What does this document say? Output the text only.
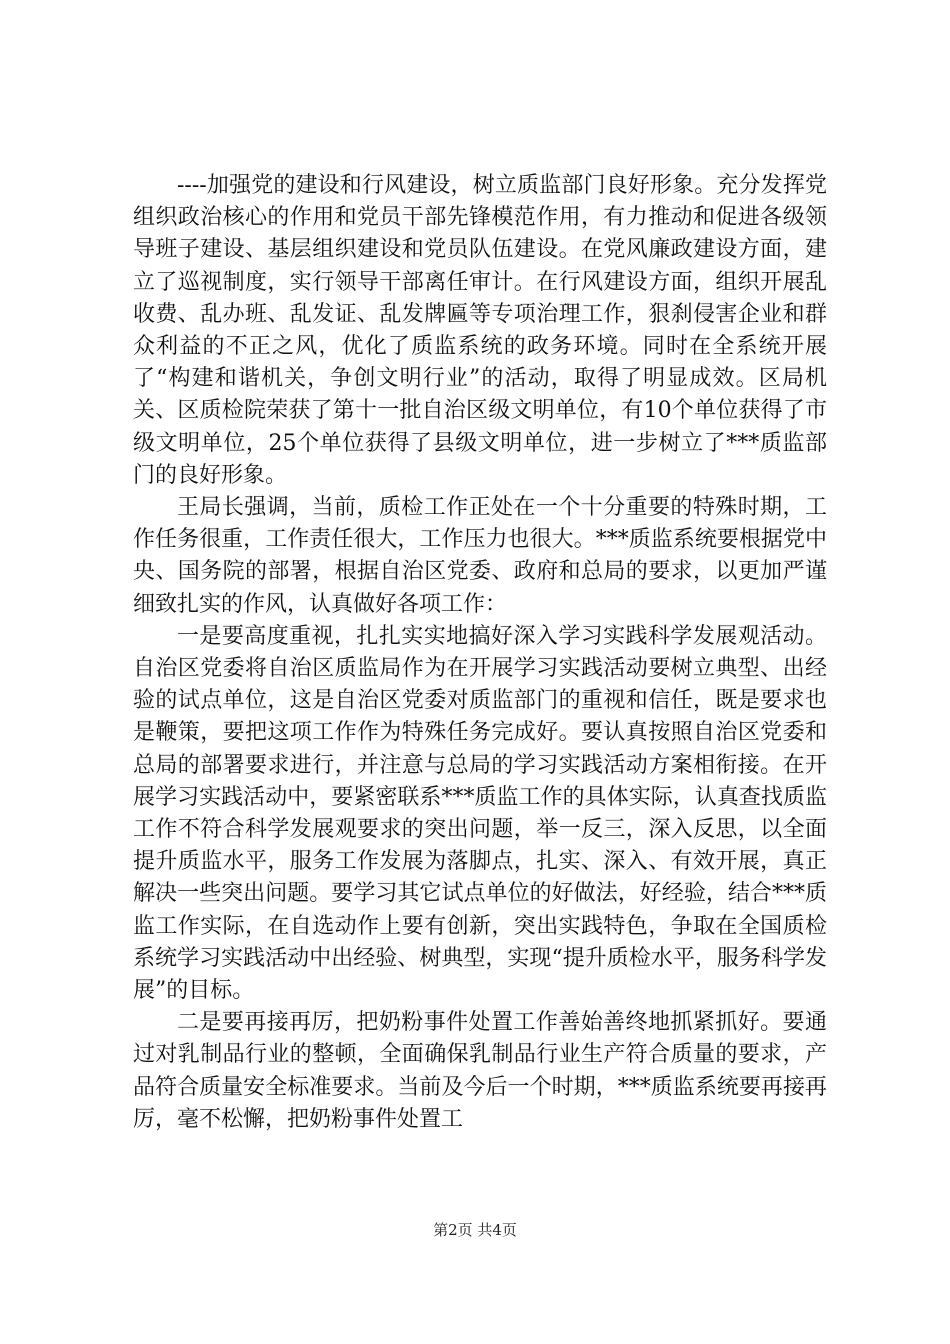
----加强党的建设和行风建设，树立质监部门良好形象。充分发挥党组织政治核心的作用和党员干部先锋模范作用，有力推动和促进各级领导班子建设、基层组织建设和党员队伍建设。在党风廉政建设方面，建立了巡视制度，实行领导干部离任审计。在行风建设方面，组织开展乱收费、乱办班、乱发证、乱发牌匾等专项治理工作，狠刹侵害企业和群众利益的不正之风，优化了质监系统的政务环境。同时在全系统开展了“构建和谐机关，争创文明行业”的活动，取得了明显成效。区局机关、区质检院荣获了第十一批自治区级文明单位，有10个单位获得了市级文明单位，25个单位获得了县级文明单位，进一步树立了***质监部门的良好形象。

王局长强调，当前，质检工作正处在一个十分重要的特殊时期，工作任务很重，工作责任很大，工作压力也很大。***质监系统要根据党中央、国务院的部署，根据自治区党委、政府和总局的要求，以更加严谨细致扎实的作风，认真做好各项工作：

一是要高度重视，扎扎实实地搞好深入学习实践科学发展观活动。自治区党委将自治区质监局作为在开展学习实践活动要树立典型、出经验的试点单位，这是自治区党委对质监部门的重视和信任，既是要求也是鞭策，要把这项工作作为特殊任务完成好。要认真按照自治区党委和总局的部署要求进行，并注意与总局的学习实践活动方案相衔接。在开展学习实践活动中，要紧密联系***质监工作的具体实际，认真查找质监工作不符合科学发展观要求的突出问题，举一反三，深入反思，以全面提升质监水平，服务工作发展为落脚点，扎实、深入、有效开展，真正解决一些突出问题。要学习其它试点单位的好做法，好经验，结合***质监工作实际，在自选动作上要有创新，突出实践特色，争取在全国质检系统学习实践活动中出经验、树典型，实现“提升质检水平，服务科学发展”的目标。

二是要再接再厉，把奶粉事件处置工作善始善终地抓紧抓好。要通过对乳制品行业的整顿，全面确保乳制品行业生产符合质量的要求，产品符合质量安全标准要求。当前及今后一个时期，***质监系统要再接再厉，毫不松懈，把奶粉事件处置工

第2页 共4页
